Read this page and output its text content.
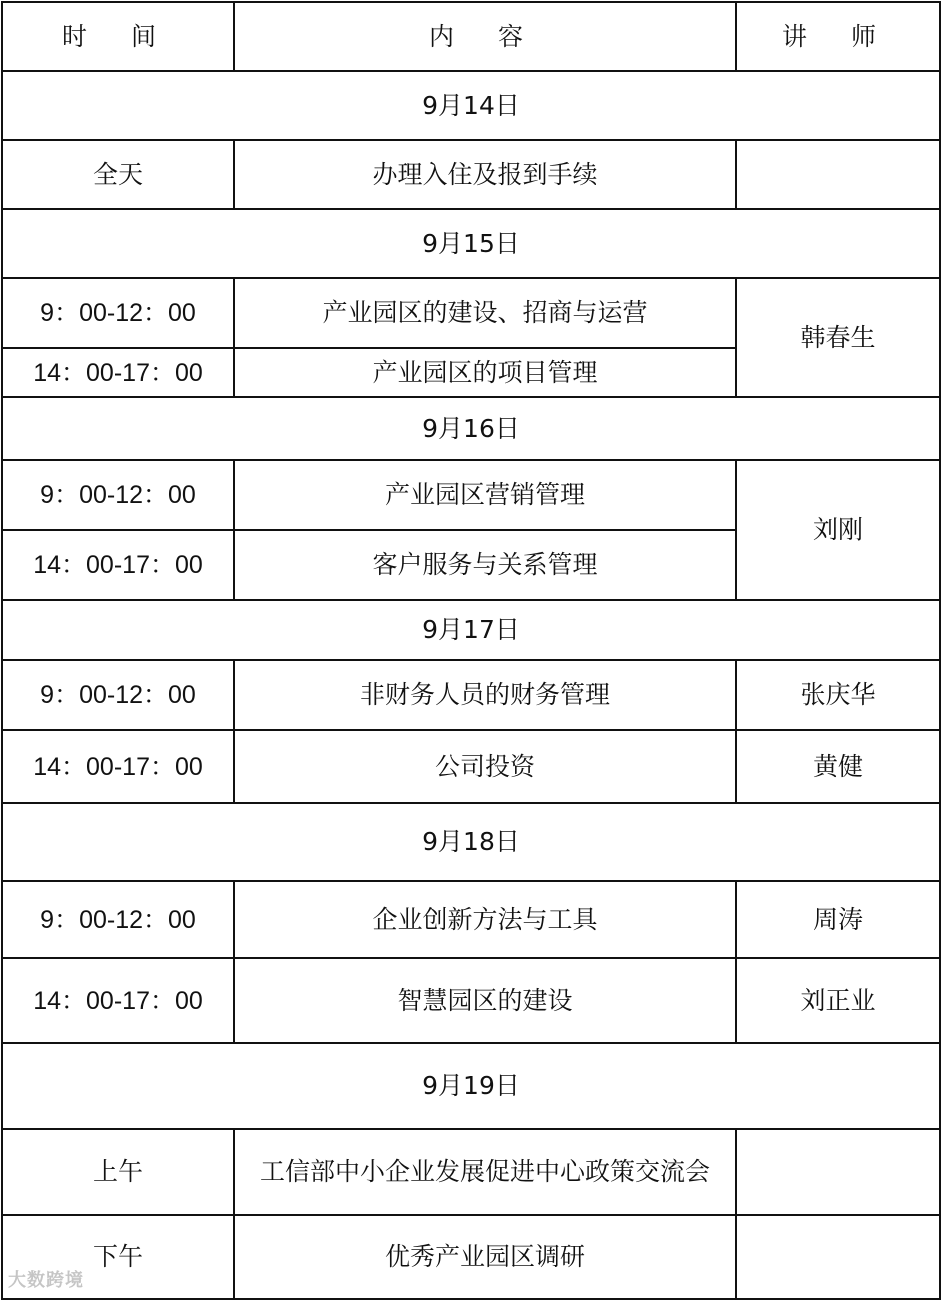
时 间	内 容	讲 师
9月14日		
全天	办理入住及报到手续	
9月15日		
9：00-12：00	产业园区的建设、招商与运营	韩春生
14：00-17：00	产业园区的项目管理	
9月16日		
9：00-12：00	产业园区营销管理	刘刚
14：00-17：00	客户服务与关系管理	
9月17日		
9：00-12：00	非财务人员的财务管理	张庆华
14：00-17：00	公司投资	黄健
9月18日		
9：00-12：00	企业创新方法与工具	周涛
14：00-17：00	智慧园区的建设	刘正业
9月19日		
上午	工信部中小企业发展促进中心政策交流会	
下午	优秀产业园区调研	
大数跨境
